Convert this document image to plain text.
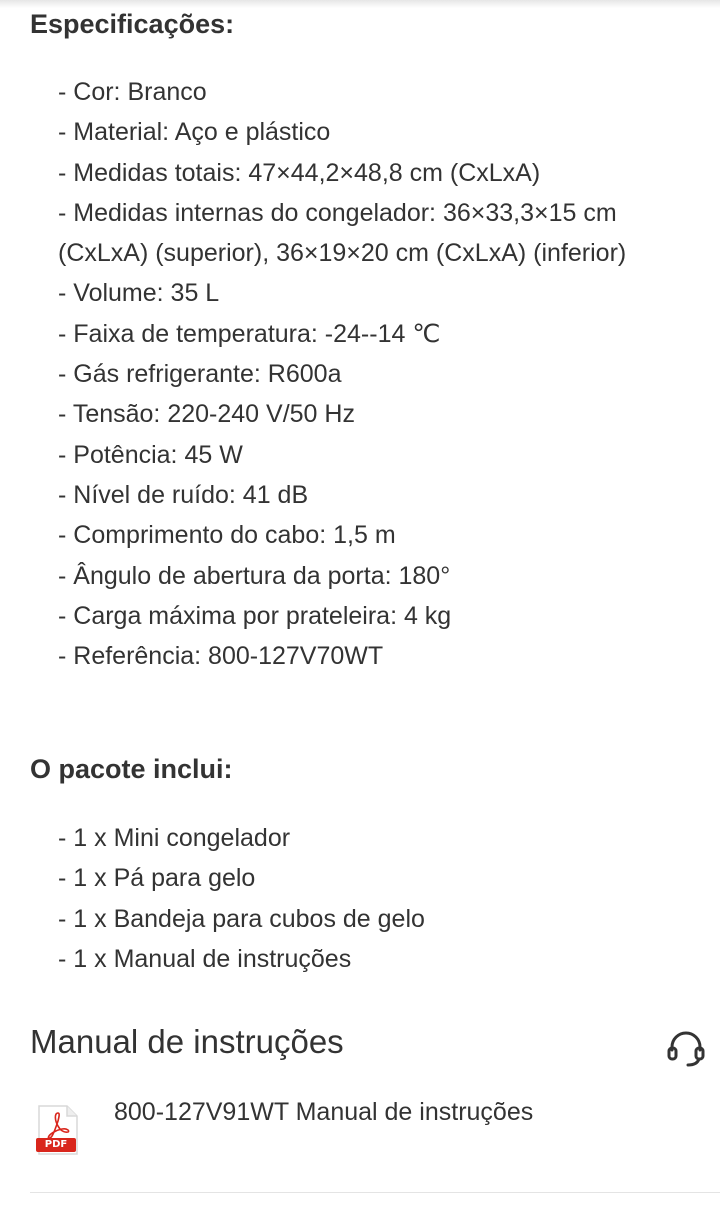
Especificações:
- Cor: Branco
- Material: Aço e plástico
- Medidas totais: 47×44,2×48,8 cm (CxLxA)
- Medidas internas do congelador: 36×33,3×15 cm (CxLxA) (superior), 36×19×20 cm (CxLxA) (inferior)
- Volume: 35 L
- Faixa de temperatura: -24--14 ℃
- Gás refrigerante: R600a
- Tensão: 220-240 V/50 Hz
- Potência: 45 W
- Nível de ruído: 41 dB
- Comprimento do cabo: 1,5 m
- Ângulo de abertura da porta: 180°
- Carga máxima por prateleira: 4 kg
- Referência: 800-127V70WT
O pacote inclui:
- 1 x Mini congelador
- 1 x Pá para gelo
- 1 x Bandeja para cubos de gelo
- 1 x Manual de instruções
Manual de instruções
PDF
800-127V91WT Manual de instruções
